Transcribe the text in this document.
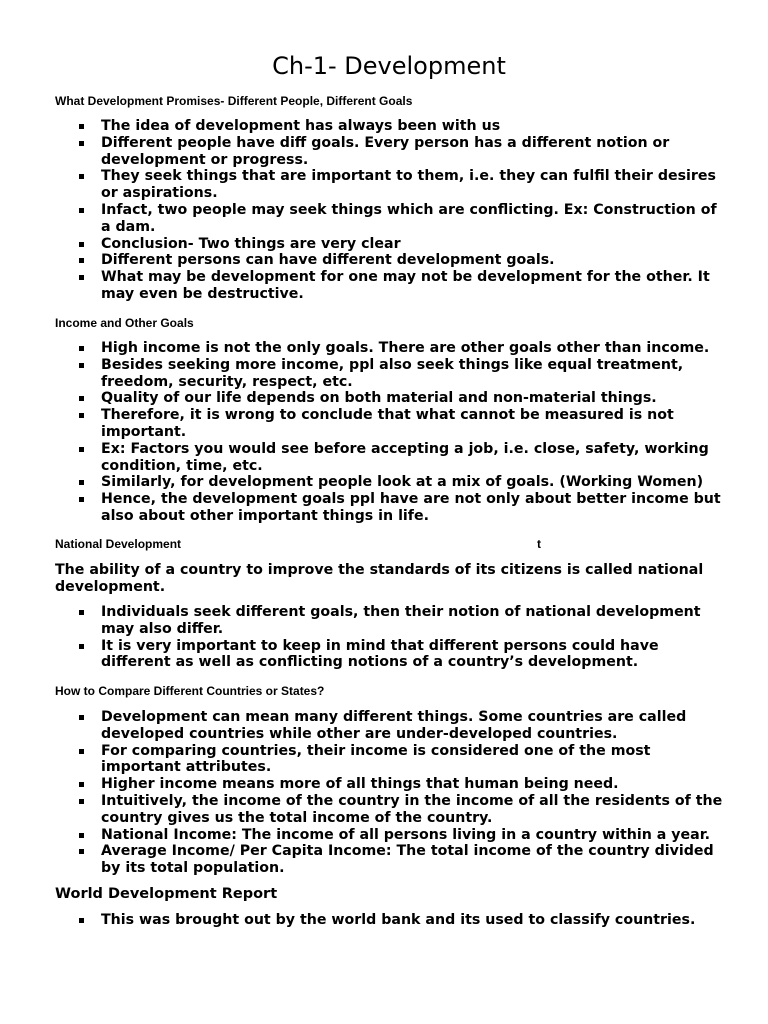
Ch-1- Development
What Development Promises- Different People, Different Goals
The idea of development has always been with us
Different people have diff goals. Every person has a different notion or development or progress.
They seek things that are important to them, i.e. they can fulfil their desires or aspirations.
Infact, two people may seek things which are conflicting. Ex: Construction of a dam.
Conclusion- Two things are very clear
Different persons can have different development goals.
What may be development for one may not be development for the other. It may even be destructive.
Income and Other Goals
High income is not the only goals. There are other goals other than income.
Besides seeking more income, ppl also seek things like equal treatment, freedom, security, respect, etc.
Quality of our life depends on both material and non-material things.
Therefore, it is wrong to conclude that what cannot be measured is not important.
Ex: Factors you would see before accepting a job, i.e. close, safety, working condition, time, etc.
Similarly, for development people look at a mix of goals. (Working Women)
Hence, the development goals ppl have are not only about better income but also about other important things in life.
National Development	t

The ability of a country to improve the standards of its citizens is called national development.

Individuals seek different goals, then their notion of national development may also differ.
It is very important to keep in mind that different persons could have different as well as conflicting notions of a country’s development.
How to Compare Different Countries or States?
Development can mean many different things. Some countries are called developed countries while other are under-developed countries.
For comparing countries, their income is considered one of the most important attributes.
Higher income means more of all things that human being need.
Intuitively, the income of the country in the income of all the residents of the country gives us the total income of the country.
National Income: The income of all persons living in a country within a year.
Average Income/ Per Capita Income: The total income of the country divided by its total population.
World Development Report
This was brought out by the world bank and its used to classify countries.
